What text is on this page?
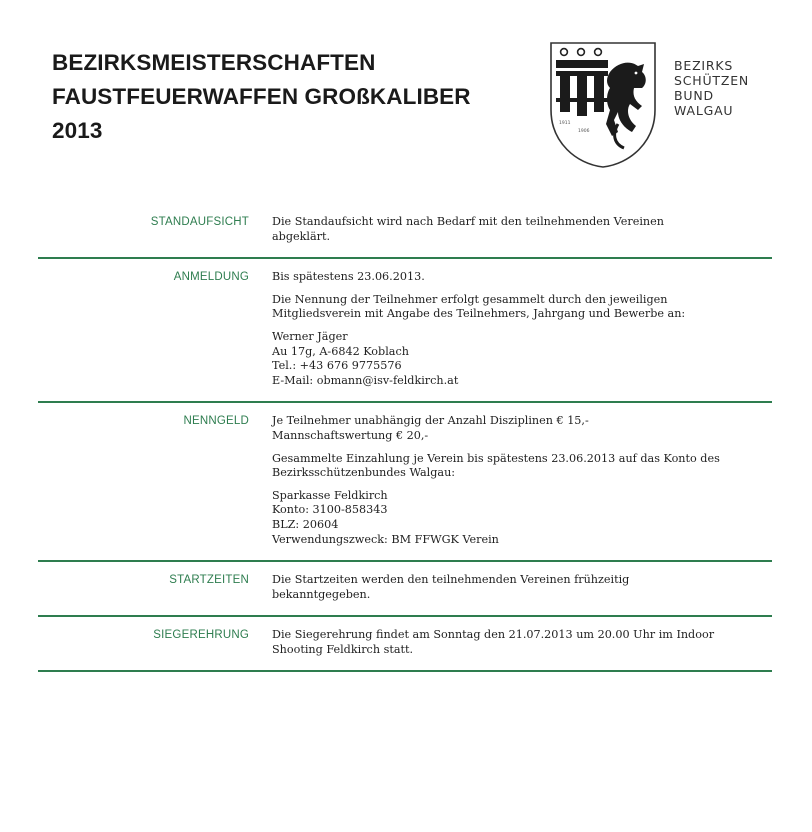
BEZIRKSMEISTERSCHAFTEN
FAUSTFEUERWAFFEN GROßKALIBER
2013	1911
1906
BEZIRKS
SCHÜTZEN
BUND
WALGAU
STANDAUFSICHT Die Standaufsicht wird nach Bedarf mit den teilnehmenden Vereinen
abgeklärt.

ANMELDUNG Bis spätestens 23.06.2013.

Die Nennung der Teilnehmer erfolgt gesammelt durch den jeweiligen
Mitgliedsverein mit Angabe des Teilnehmers, Jahrgang und Bewerbe an:

Werner Jäger
Au 17g, A-6842 Koblach
Tel.: +43 676 9775576
E-Mail: obmann@isv-feldkirch.at

NENNGELD Je Teilnehmer unabhängig der Anzahl Disziplinen € 15,-
Mannschaftswertung € 20,-

Gesammelte Einzahlung je Verein bis spätestens 23.06.2013 auf das Konto des
Bezirksschützenbundes Walgau:

Sparkasse Feldkirch
Konto: 3100-858343
BLZ: 20604
Verwendungszweck: BM FFWGK Verein

STARTZEITEN Die Startzeiten werden den teilnehmenden Vereinen frühzeitig
bekanntgegeben.

SIEGEREHRUNG Die Siegerehrung findet am Sonntag den 21.07.2013 um 20.00 Uhr im Indoor
Shooting Feldkirch statt.
